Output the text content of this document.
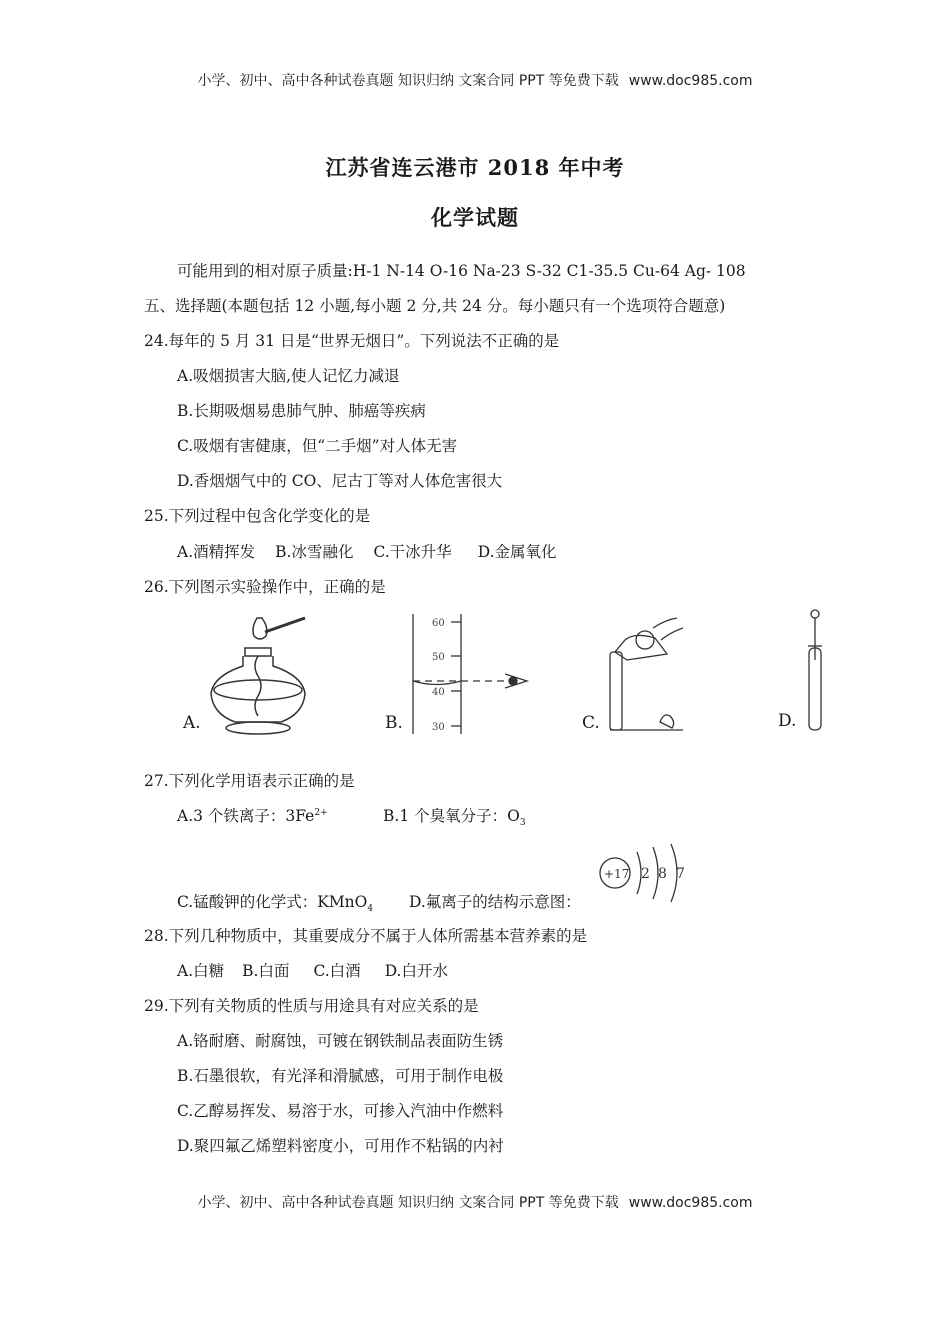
小学、初中、高中各种试卷真题 知识归纳 文案合同 PPT 等免费下载 www.doc985.com
江苏省连云港市 2018 年中考
化学试题
可能用到的相对原子质量:H-1 N-14 O-16 Na-23 S-32 C1-35.5 Cu-64 Ag- 108
五、选择题(本题包括 12 小题,每小题 2 分,共 24 分。每小题只有一个选项符合题意)
24.每年的 5 月 31 日是“世界无烟日”。下列说法不正确的是
A.吸烟损害大脑,使人记忆力减退
B.长期吸烟易患肺气肿、肺癌等疾病
C.吸烟有害健康，但“二手烟”对人体无害
D.香烟烟气中的 CO、尼古丁等对人体危害很大
25.下列过程中包含化学变化的是
A.酒精挥发 B.冰雪融化 C.干冰升华 D.金属氧化
26.下列图示实验操作中，正确的是
A.	B.
60
50
40
30	C.	D.
27.下列化学用语表示正确的是
A.3 个铁离子：$3Fe^{2+}$	B.1 个臭氧分子：$O_3$
C.锰酸钾的化学式：KMnO$_4$ D.氟离子的结构示意图：
+17 2 8 7
28.下列几种物质中，其重要成分不属于人体所需基本营养素的是
A.白糖 B.白面 C.白酒 D.白开水
29.下列有关物质的性质与用途具有对应关系的是
A.铬耐磨、耐腐蚀，可镀在钢铁制品表面防生锈
B.石墨很软，有光泽和滑腻感，可用于制作电极
C.乙醇易挥发、易溶于水，可掺入汽油中作燃料
D.聚四氟乙烯塑料密度小，可用作不粘锅的内衬
小学、初中、高中各种试卷真题 知识归纳 文案合同 PPT 等免费下载 www.doc985.com
